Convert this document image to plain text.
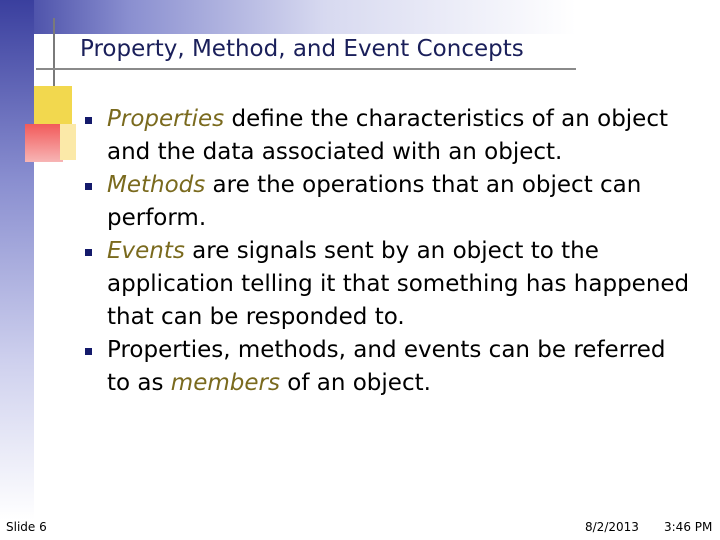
Property, Method, and Event Concepts
Properties define the characteristics of an object and the data associated with an object.
Methods are the operations that an object can perform.
Events are signals sent by an object to the application telling it that something has happened that can be responded to.
Properties, methods, and events can be referred to as members of an object.
Slide 6	8/2/2013 3:46 PM
